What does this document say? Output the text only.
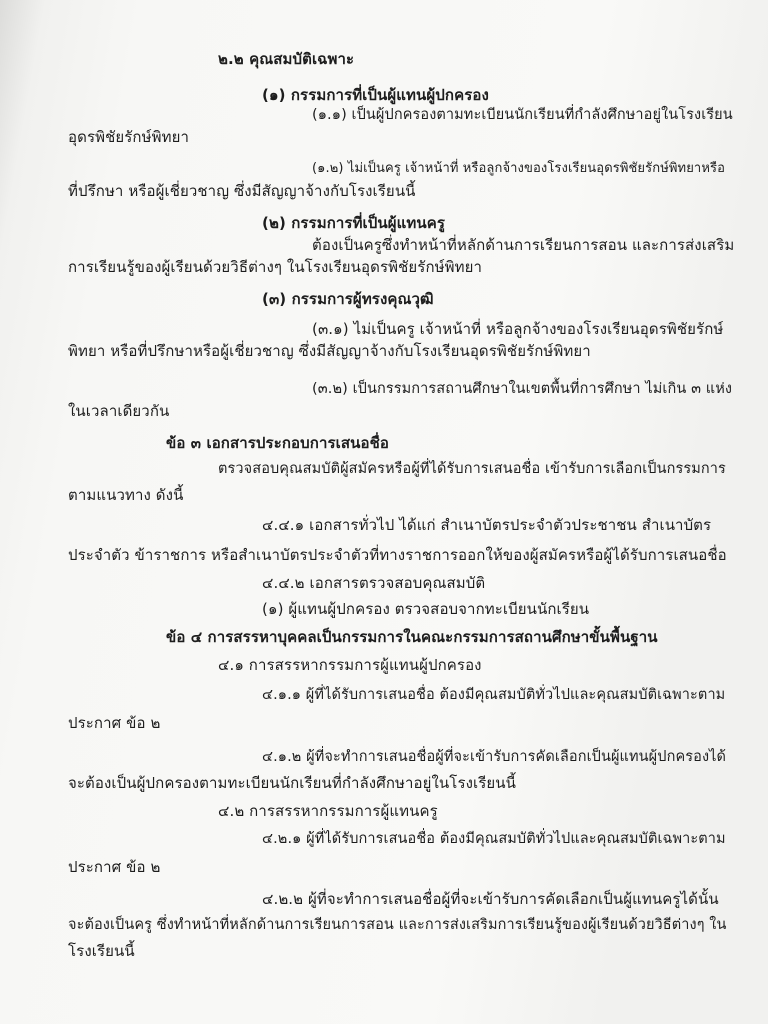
๒.๒ คุณสมบัติเฉพาะ
(๑) กรรมการที่เป็นผู้แทนผู้ปกครอง
(๑.๑) เป็นผู้ปกครองตามทะเบียนนักเรียนที่กำลังศึกษาอยู่ในโรงเรียน
อุดรพิชัยรักษ์พิทยา
(๑.๒) ไม่เป็นครู เจ้าหน้าที่ หรือลูกจ้างของโรงเรียนอุดรพิชัยรักษ์พิทยาหรือ
ที่ปรึกษา หรือผู้เชี่ยวชาญ ซึ่งมีสัญญาจ้างกับโรงเรียนนี้
(๒) กรรมการที่เป็นผู้แทนครู
ต้องเป็นครูซึ่งทำหน้าที่หลักด้านการเรียนการสอน และการส่งเสริม
การเรียนรู้ของผู้เรียนด้วยวิธีต่างๆ ในโรงเรียนอุดรพิชัยรักษ์พิทยา
(๓) กรรมการผู้ทรงคุณวุฒิ
(๓.๑) ไม่เป็นครู เจ้าหน้าที่ หรือลูกจ้างของโรงเรียนอุดรพิชัยรักษ์
พิทยา หรือที่ปรึกษาหรือผู้เชี่ยวชาญ ซึ่งมีสัญญาจ้างกับโรงเรียนอุดรพิชัยรักษ์พิทยา
(๓.๒) เป็นกรรมการสถานศึกษาในเขตพื้นที่การศึกษา ไม่เกิน ๓ แห่ง
ในเวลาเดียวกัน
ข้อ ๓ เอกสารประกอบการเสนอชื่อ
ตรวจสอบคุณสมบัติผู้สมัครหรือผู้ที่ได้รับการเสนอชื่อ เข้ารับการเลือกเป็นกรรมการ
ตามแนวทาง ดังนี้
๔.๔.๑ เอกสารทั่วไป ได้แก่ สำเนาบัตรประจำตัวประชาชน สำเนาบัตร
ประจำตัว ข้าราชการ หรือสำเนาบัตรประจำตัวที่ทางราชการออกให้ของผู้สมัครหรือผู้ได้รับการเสนอชื่อ
๔.๔.๒ เอกสารตรวจสอบคุณสมบัติ
(๑) ผู้แทนผู้ปกครอง ตรวจสอบจากทะเบียนนักเรียน
ข้อ ๔ การสรรหาบุคคลเป็นกรรมการในคณะกรรมการสถานศึกษาขั้นพื้นฐาน
๔.๑ การสรรหากรรมการผู้แทนผู้ปกครอง
๔.๑.๑ ผู้ที่ได้รับการเสนอชื่อ ต้องมีคุณสมบัติทั่วไปและคุณสมบัติเฉพาะตาม
ประกาศ ข้อ ๒
๔.๑.๒ ผู้ที่จะทำการเสนอชื่อผู้ที่จะเข้ารับการคัดเลือกเป็นผู้แทนผู้ปกครองได้
จะต้องเป็นผู้ปกครองตามทะเบียนนักเรียนที่กำลังศึกษาอยู่ในโรงเรียนนี้
๔.๒ การสรรหากรรมการผู้แทนครู
๔.๒.๑ ผู้ที่ได้รับการเสนอชื่อ ต้องมีคุณสมบัติทั่วไปและคุณสมบัติเฉพาะตาม
ประกาศ ข้อ ๒
๔.๒.๒ ผู้ที่จะทำการเสนอชื่อผู้ที่จะเข้ารับการคัดเลือกเป็นผู้แทนครูได้นั้น
จะต้องเป็นครู ซึ่งทำหน้าที่หลักด้านการเรียนการสอน และการส่งเสริมการเรียนรู้ของผู้เรียนด้วยวิธีต่างๆ ใน
โรงเรียนนี้
